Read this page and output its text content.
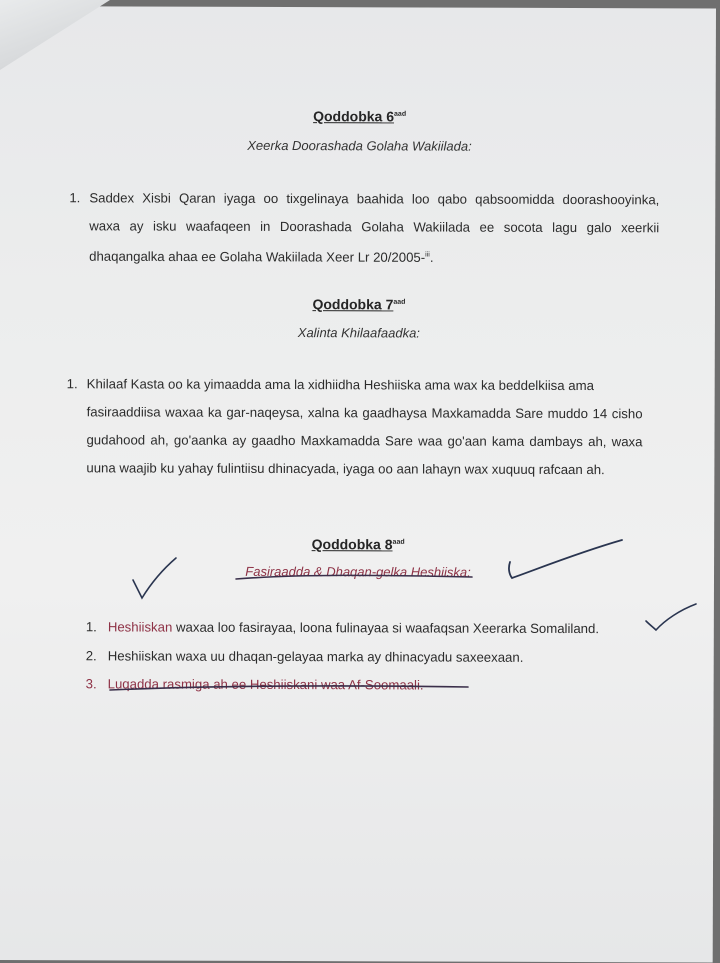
Qoddobka $6^{aad}$
Xeerka Doorashada Golaha Wakiilada:
1. Saddex Xisbi Qaran iyaga oo tixgelinaya baahida loo qabo qabsoomidda doorashooyinka,
waxa ay isku waafaqeen in Doorashada Golaha Wakiilada ee socota lagu galo xeerkii
dhaqangalka ahaa ee Golaha Wakiilada Xeer Lr 20/2005-$^{iii}$.
Qoddobka $7^{aad}$
Xalinta Khilaafaadka:
1. Khilaaf Kasta oo ka yimaadda ama la xidhiidha Heshiiska ama wax ka beddelkiisa ama
fasiraaddiisa waxaa ka gar-naqeysa, xalna ka gaadhaysa Maxkamadda Sare muddo 14 cisho
gudahood ah, go'aanka ay gaadho Maxkamadda Sare waa go'aan kama dambays ah, waxa
uuna waajib ku yahay fulintiisu dhinacyada, iyaga oo aan lahayn wax xuquuq rafcaan ah.
Qoddobka $8^{aad}$
Fasiraadda & Dhaqan-gelka Heshiiska:
1. Heshiiskan waxaa loo fasirayaa, loona fulinayaa si waafaqsan Xeerarka Somaliland.
2. Heshiiskan waxa uu dhaqan-gelayaa marka ay dhinacyadu saxeexaan.
3. Luqadda rasmiga ah ee Heshiiskani waa Af-Soomaali.
